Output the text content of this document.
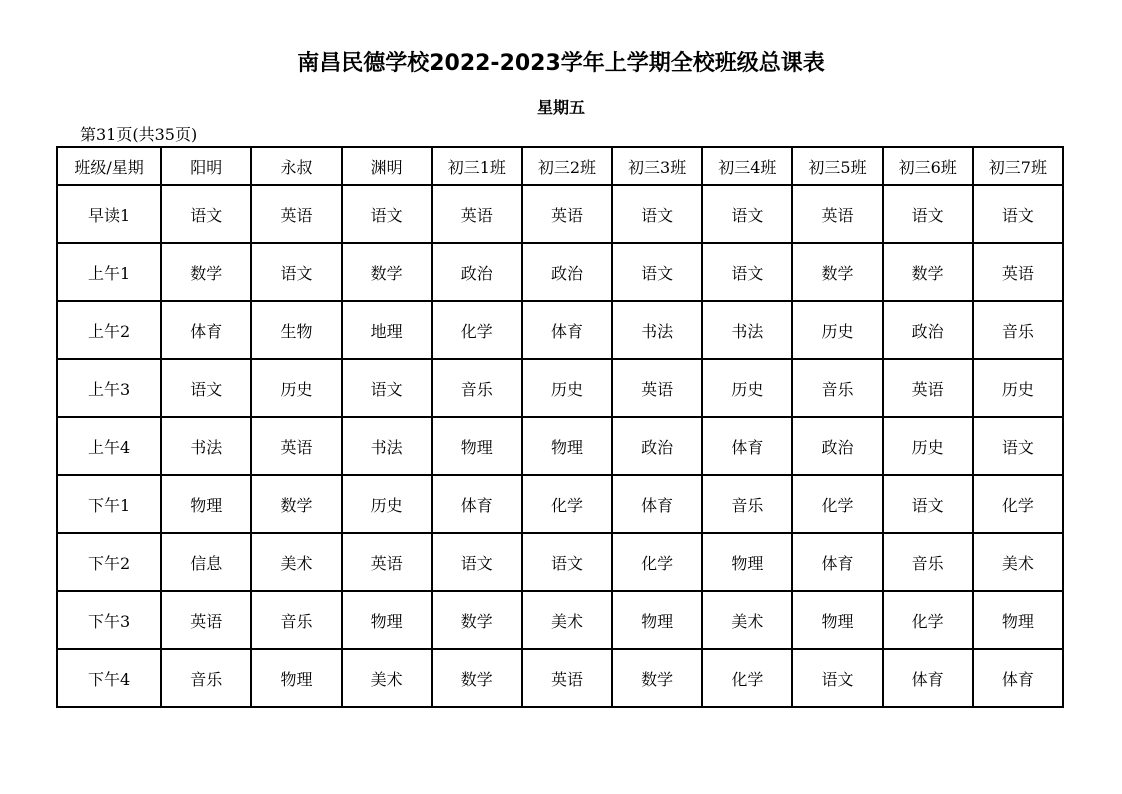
南昌民德学校2022-2023学年上学期全校班级总课表
星期五
第31页(共35页)
班级/星期	阳明	永叔	渊明	初三1班	初三2班	初三3班	初三4班	初三5班	初三6班	初三7班
早读1	语文	英语	语文	英语	英语	语文	语文	英语	语文	语文
上午1	数学	语文	数学	政治	政治	语文	语文	数学	数学	英语
上午2	体育	生物	地理	化学	体育	书法	书法	历史	政治	音乐
上午3	语文	历史	语文	音乐	历史	英语	历史	音乐	英语	历史
上午4	书法	英语	书法	物理	物理	政治	体育	政治	历史	语文
下午1	物理	数学	历史	体育	化学	体育	音乐	化学	语文	化学
下午2	信息	美术	英语	语文	语文	化学	物理	体育	音乐	美术
下午3	英语	音乐	物理	数学	美术	物理	美术	物理	化学	物理
下午4	音乐	物理	美术	数学	英语	数学	化学	语文	体育	体育
